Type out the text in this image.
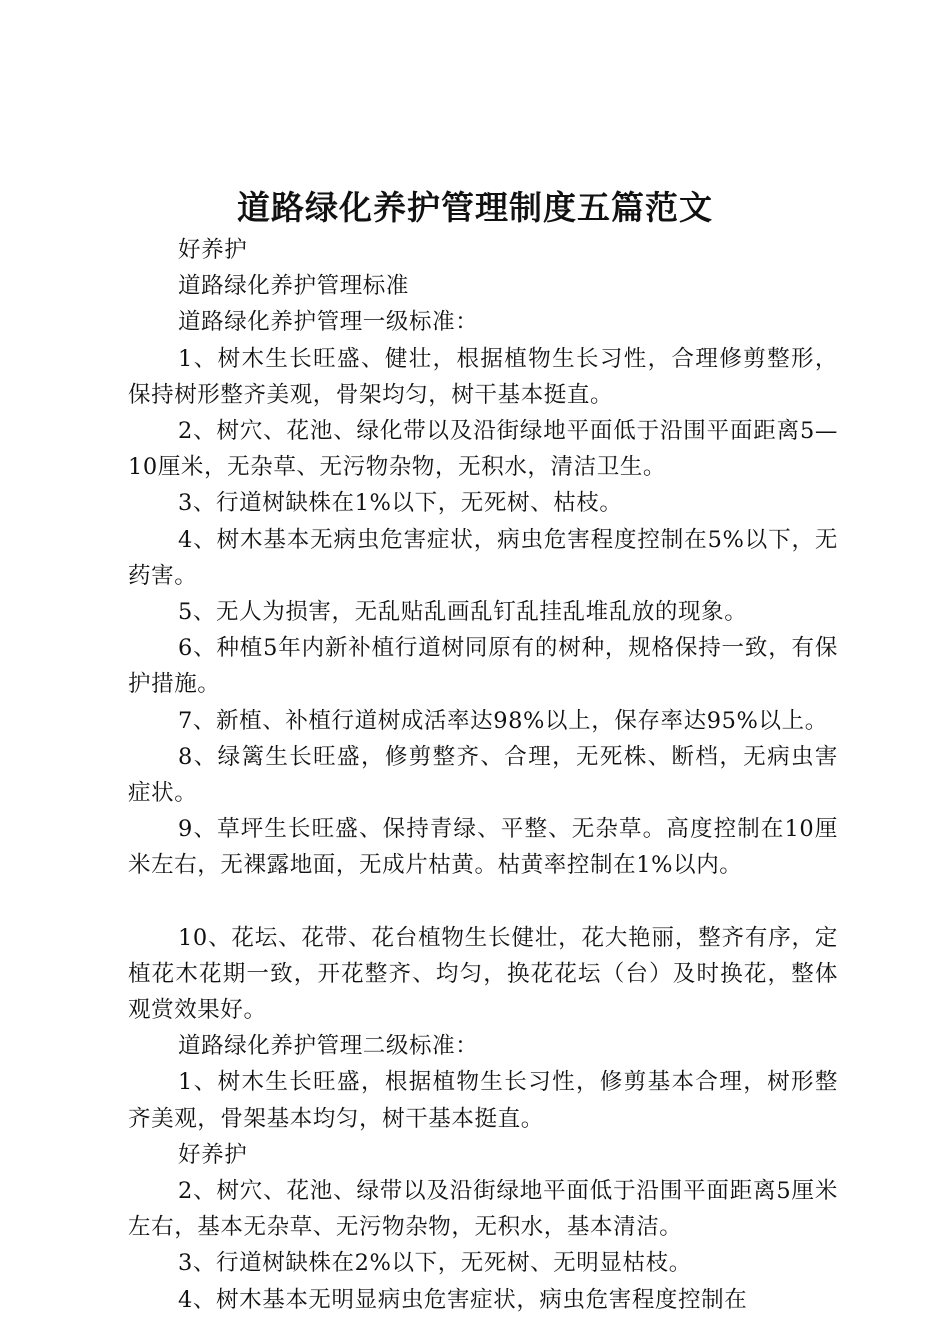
道路绿化养护管理制度五篇范文

好养护

道路绿化养护管理标准

道路绿化养护管理一级标准：

1、树木生长旺盛、健壮，根据植物生长习性，合理修剪整形，保持树形整齐美观，骨架均匀，树干基本挺直。

2、树穴、花池、绿化带以及沿街绿地平面低于沿围平面距离5—10厘米，无杂草、无污物杂物，无积水，清洁卫生。

3、行道树缺株在1%以下，无死树、枯枝。

4、树木基本无病虫危害症状，病虫危害程度控制在5%以下，无药害。

5、无人为损害，无乱贴乱画乱钉乱挂乱堆乱放的现象。

6、种植5年内新补植行道树同原有的树种，规格保持一致，有保护措施。

7、新植、补植行道树成活率达98%以上，保存率达95%以上。

8、绿篱生长旺盛，修剪整齐、合理，无死株、断档，无病虫害症状。

9、草坪生长旺盛、保持青绿、平整、无杂草。高度控制在10厘米左右，无裸露地面，无成片枯黄。枯黄率控制在1%以内。

10、花坛、花带、花台植物生长健壮，花大艳丽，整齐有序，定植花木花期一致，开花整齐、均匀，换花花坛（台）及时换花，整体观赏效果好。

道路绿化养护管理二级标准：

1、树木生长旺盛，根据植物生长习性，修剪基本合理，树形整齐美观，骨架基本均匀，树干基本挺直。

好养护

2、树穴、花池、绿带以及沿街绿地平面低于沿围平面距离5厘米左右，基本无杂草、无污物杂物，无积水，基本清洁。

3、行道树缺株在2%以下，无死树、无明显枯枝。

4、树木基本无明显病虫危害症状，病虫危害程度控制在
